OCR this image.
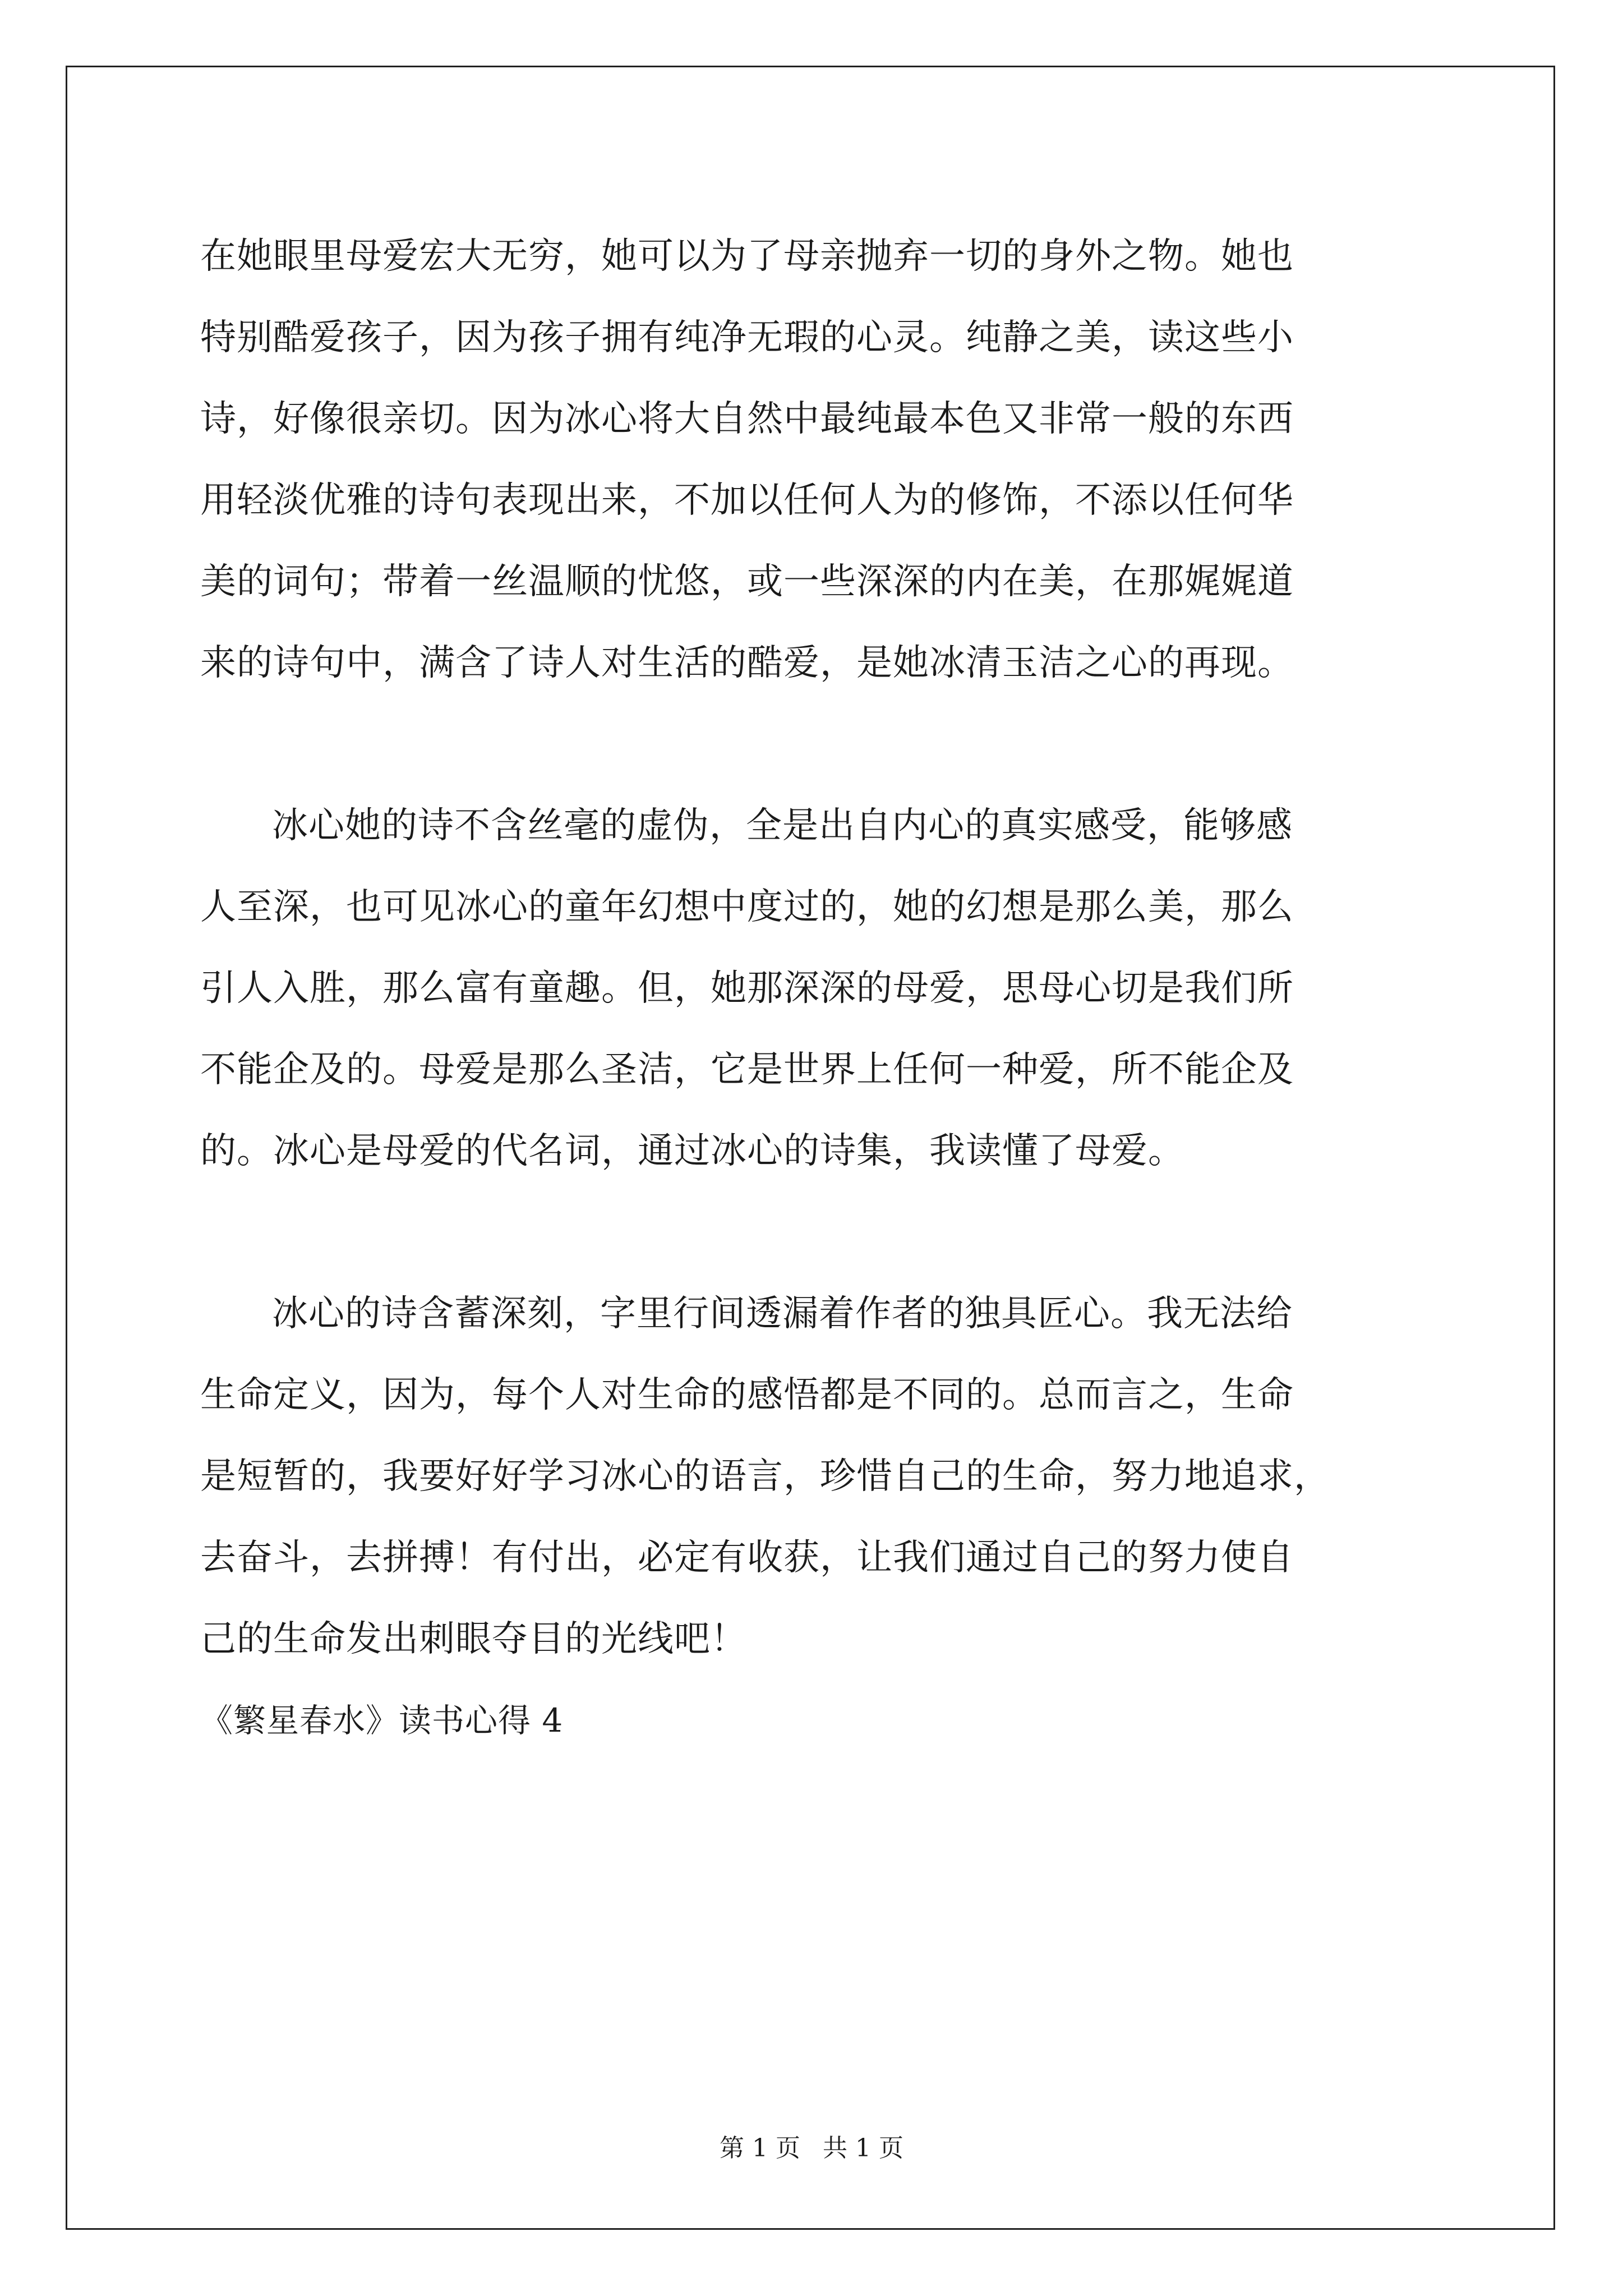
在她眼里母爱宏大无穷，她可以为了母亲抛弃一切的身外之物。她也
特别酷爱孩子，因为孩子拥有纯净无瑕的心灵。纯静之美，读这些小
诗，好像很亲切。因为冰心将大自然中最纯最本色又非常一般的东西
用轻淡优雅的诗句表现出来，不加以任何人为的修饰，不添以任何华
美的词句；带着一丝温顺的忧悠，或一些深深的内在美，在那娓娓道
来的诗句中，满含了诗人对生活的酷爱，是她冰清玉洁之心的再现。
冰心她的诗不含丝毫的虚伪，全是出自内心的真实感受，能够感
人至深，也可见冰心的童年幻想中度过的，她的幻想是那么美，那么
引人入胜，那么富有童趣。但，她那深深的母爱，思母心切是我们所
不能企及的。母爱是那么圣洁，它是世界上任何一种爱，所不能企及
的。冰心是母爱的代名词，通过冰心的诗集，我读懂了母爱。
冰心的诗含蓄深刻，字里行间透漏着作者的独具匠心。我无法给
生命定义，因为，每个人对生命的感悟都是不同的。总而言之，生命
是短暂的，我要好好学习冰心的语言，珍惜自己的生命，努力地追求，
去奋斗，去拼搏！有付出，必定有收获，让我们通过自己的努力使自
己的生命发出刺眼夺目的光线吧！
《繁星春水》读书心得 4
第 1 页 共 1 页
